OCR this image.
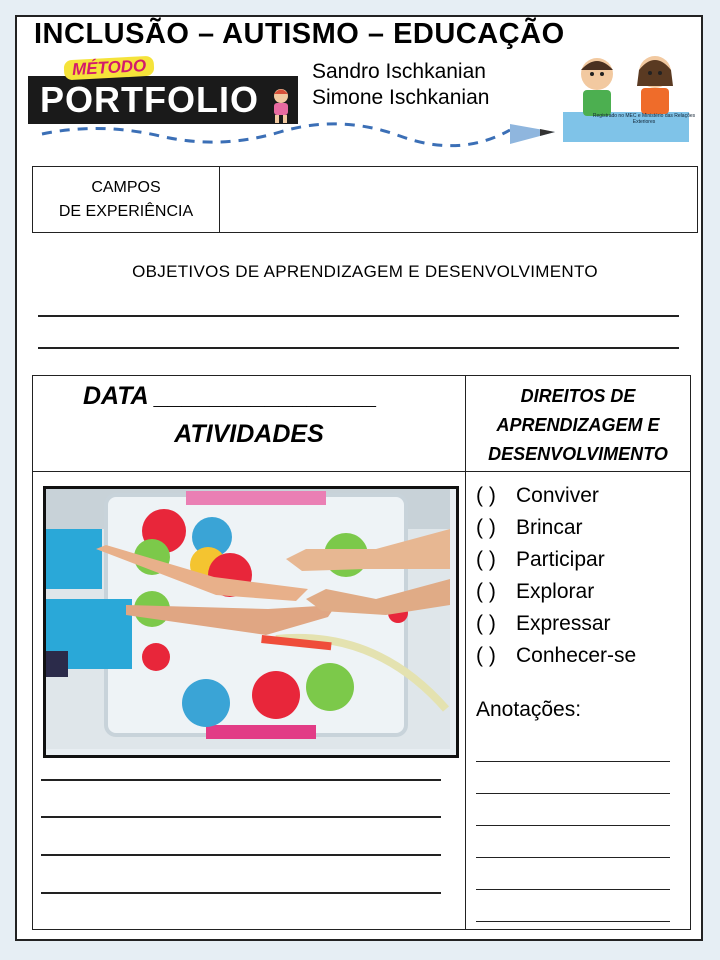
INCLUSÃO – AUTISMO – EDUCAÇÃO
PORTFOLIO
MÉTODO	Sandro Ischkanian
Simone Ischkanian
Registrado no MEC e Ministério das Relações Exteriores
CAMPOS
DE EXPERIÊNCIA
OBJETIVOS DE APRENDIZAGEM E DESENVOLVIMENTO
DATA ________________
ATIVIDADES
DIREITOS DE
APRENDIZAGEM E
DESENVOLVIMENTO
( ) Conviver
( ) Brincar
( ) Participar
( ) Explorar
( ) Expressar
( ) Conhecer-se
Anotações:
